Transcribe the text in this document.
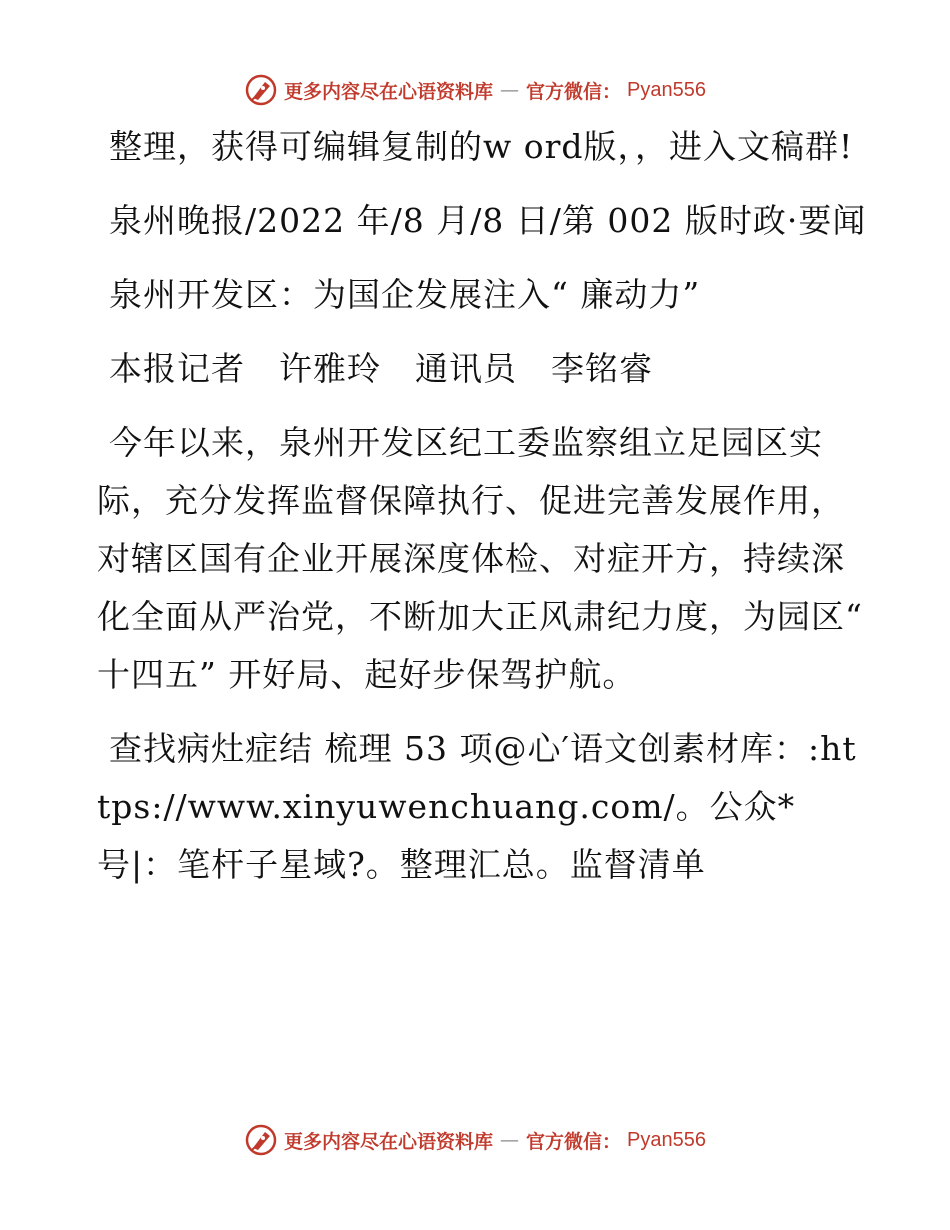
更多内容尽在心语资料库 — 官方微信： Pyan556

整理，获得可编辑复制的w ord版，，进入文稿群!

泉州晚报/2022 年/8 月/8 日/第 002 版时政·要闻

泉州开发区：为国企发展注入“ 廉动力”

本报记者　许雅玲　通讯员　李铭睿

今年以来，泉州开发区纪工委监察组立足园区实际，充分发挥监督保障执行、促进完善发展作用，对辖区国有企业开展深度体检、对症开方，持续深化全面从严治党，不断加大正风肃纪力度，为园区“ 十四五” 开好局、起好步保驾护航。

查找病灶症结 梳理 53 项@心′语文创素材库：:https://www.xinyuwenchuang.com/。公众*号|：笔杆子星域?。整理汇总。监督清单

更多内容尽在心语资料库 — 官方微信： Pyan556
